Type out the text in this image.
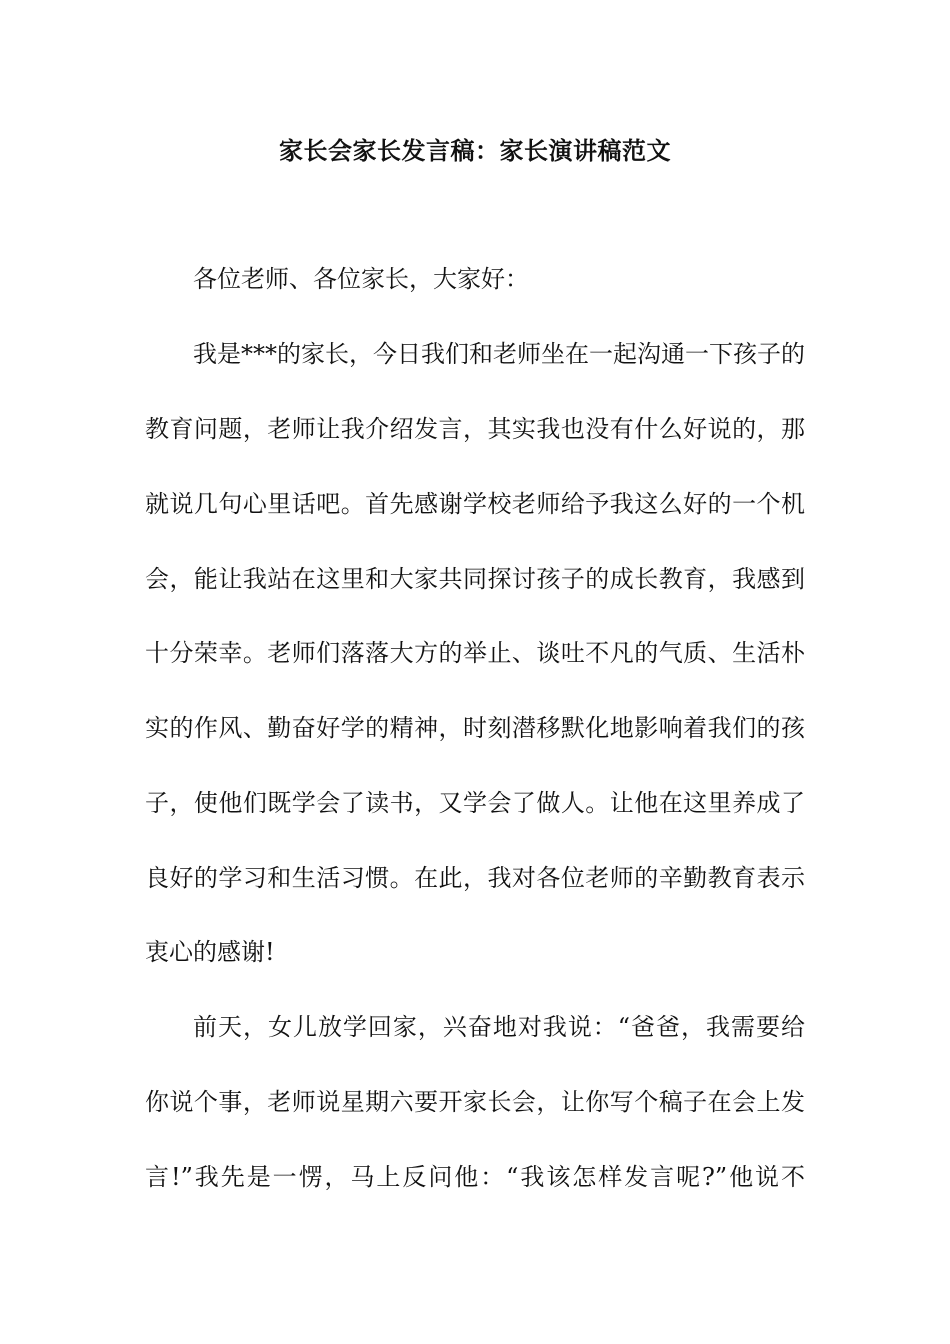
家长会家长发言稿：家长演讲稿范文
各位老师、各位家长，大家好：
我是***的家长，今日我们和老师坐在一起沟通一下孩子的
教育问题，老师让我介绍发言，其实我也没有什么好说的，那
就说几句心里话吧。首先感谢学校老师给予我这么好的一个机
会，能让我站在这里和大家共同探讨孩子的成长教育，我感到
十分荣幸。老师们落落大方的举止、谈吐不凡的气质、生活朴
实的作风、勤奋好学的精神，时刻潜移默化地影响着我们的孩
子，使他们既学会了读书，又学会了做人。让他在这里养成了
良好的学习和生活习惯。在此，我对各位老师的辛勤教育表示
衷心的感谢!
前天，女儿放学回家，兴奋地对我说：“爸爸，我需要给
你说个事，老师说星期六要开家长会，让你写个稿子在会上发
言!”我先是一愣，马上反问他：“我该怎样发言呢?”他说不
